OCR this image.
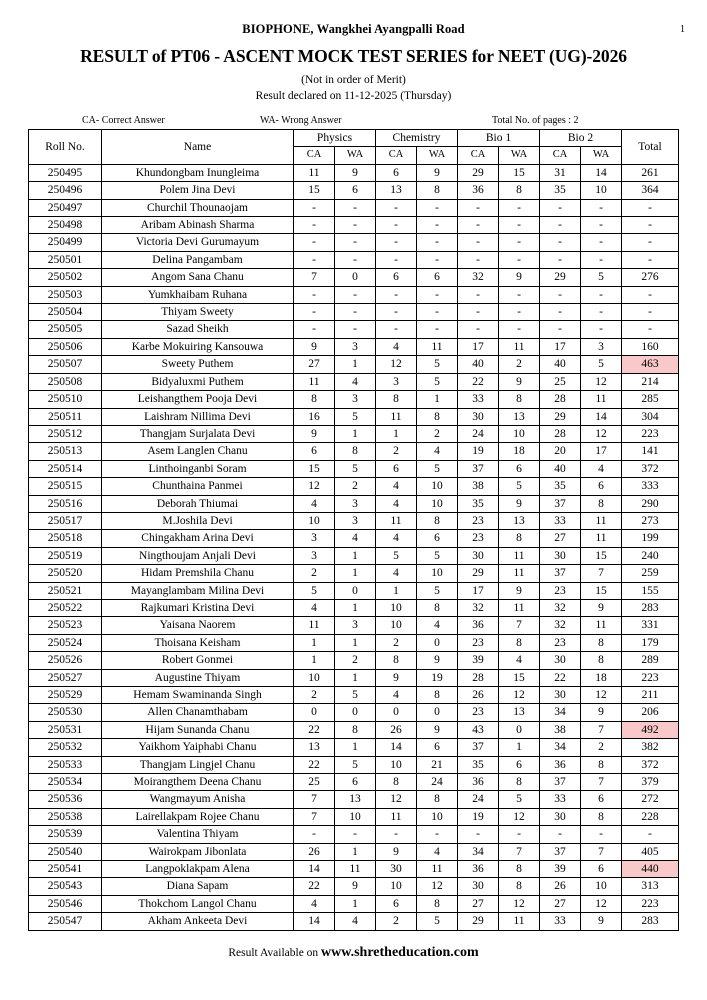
1
BIOPHONE, Wangkhei Ayangpalli Road
RESULT of PT06 - ASCENT MOCK TEST SERIES for NEET (UG)-2026
(Not in order of Merit)
Result declared on 11-12-2025 (Thursday)
CA- Correct Answer	WA- Wrong Answer	Total No. of pages : 2
Roll No.	Name	Physics		Chemistry		Bio 1		Bio 2		Total
		CA	WA	CA	WA	CA	WA	CA	WA	
250495	Khundongbam Inungleima	11	9	6	9	29	15	31	14	261
250496	Polem Jina Devi	15	6	13	8	36	8	35	10	364
250497	Churchil Thounaojam	-	-	-	-	-	-	-	-	-
250498	Aribam Abinash Sharma	-	-	-	-	-	-	-	-	-
250499	Victoria Devi Gurumayum	-	-	-	-	-	-	-	-	-
250501	Delina Pangambam	-	-	-	-	-	-	-	-	-
250502	Angom Sana Chanu	7	0	6	6	32	9	29	5	276
250503	Yumkhaibam Ruhana	-	-	-	-	-	-	-	-	-
250504	Thiyam Sweety	-	-	-	-	-	-	-	-	-
250505	Sazad Sheikh	-	-	-	-	-	-	-	-	-
250506	Karbe Mokuiring Kansouwa	9	3	4	11	17	11	17	3	160
250507	Sweety Puthem	27	1	12	5	40	2	40	5	463
250508	Bidyaluxmi Puthem	11	4	3	5	22	9	25	12	214
250510	Leishangthem Pooja Devi	8	3	8	1	33	8	28	11	285
250511	Laishram Nillima Devi	16	5	11	8	30	13	29	14	304
250512	Thangjam Surjalata Devi	9	1	1	2	24	10	28	12	223
250513	Asem Langlen Chanu	6	8	2	4	19	18	20	17	141
250514	Linthoinganbi Soram	15	5	6	5	37	6	40	4	372
250515	Chunthaina Panmei	12	2	4	10	38	5	35	6	333
250516	Deborah Thiumai	4	3	4	10	35	9	37	8	290
250517	M.Joshila Devi	10	3	11	8	23	13	33	11	273
250518	Chingakham Arina Devi	3	4	4	6	23	8	27	11	199
250519	Ningthoujam Anjali Devi	3	1	5	5	30	11	30	15	240
250520	Hidam Premshila Chanu	2	1	4	10	29	11	37	7	259
250521	Mayanglambam Milina Devi	5	0	1	5	17	9	23	15	155
250522	Rajkumari Kristina Devi	4	1	10	8	32	11	32	9	283
250523	Yaisana Naorem	11	3	10	4	36	7	32	11	331
250524	Thoisana Keisham	1	1	2	0	23	8	23	8	179
250526	Robert Gonmei	1	2	8	9	39	4	30	8	289
250527	Augustine Thiyam	10	1	9	19	28	15	22	18	223
250529	Hemam Swaminanda Singh	2	5	4	8	26	12	30	12	211
250530	Allen Chanamthabam	0	0	0	0	23	13	34	9	206
250531	Hijam Sunanda Chanu	22	8	26	9	43	0	38	7	492
250532	Yaikhom Yaiphabi Chanu	13	1	14	6	37	1	34	2	382
250533	Thangjam Lingjel Chanu	22	5	10	21	35	6	36	8	372
250534	Moirangthem Deena Chanu	25	6	8	24	36	8	37	7	379
250536	Wangmayum Anisha	7	13	12	8	24	5	33	6	272
250538	Lairellakpam Rojee Chanu	7	10	11	10	19	12	30	8	228
250539	Valentina Thiyam	-	-	-	-	-	-	-	-	-
250540	Wairokpam Jibonlata	26	1	9	4	34	7	37	7	405
250541	Langpoklakpam Alena	14	11	30	11	36	8	39	6	440
250543	Diana Sapam	22	9	10	12	30	8	26	10	313
250546	Thokchom Langol Chanu	4	1	6	8	27	12	27	12	223
250547	Akham Ankeeta Devi	14	4	2	5	29	11	33	9	283
Result Available on www.shretheducation.com
